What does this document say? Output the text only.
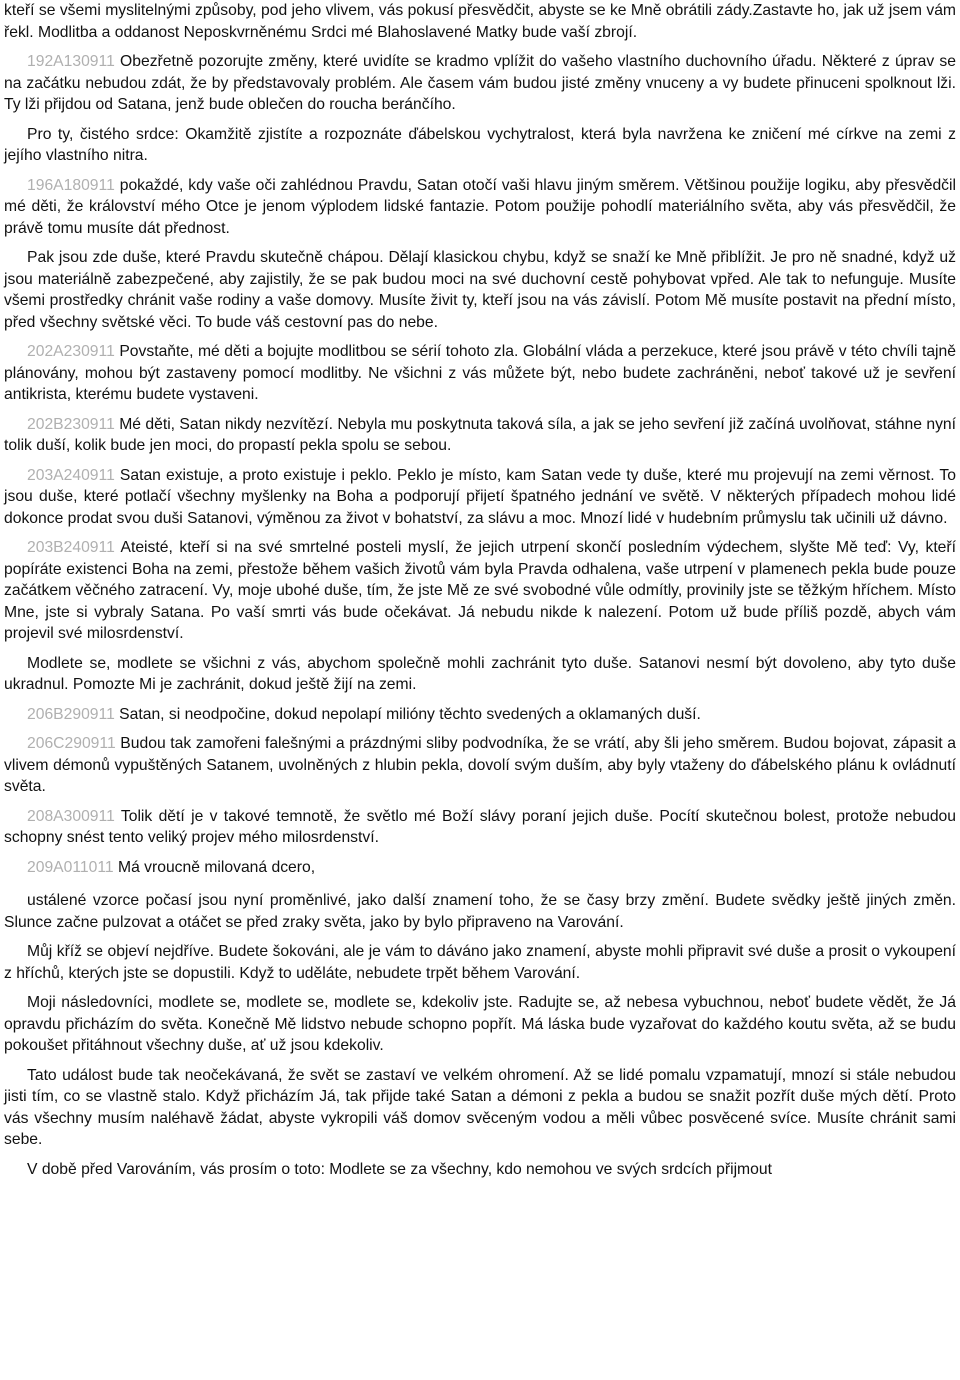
kteří se všemi myslitelnými způsoby, pod jeho vlivem, vás pokusí přesvědčit, abyste se ke Mně obrátili zády.Zastavte ho, jak už jsem vám řekl. Modlitba a oddanost Neposkvrněnému Srdci mé Blahoslavené Matky bude vaší zbrojí.

192A130911 Obezřetně pozorujte změny, které uvidíte se kradmo vplížit do vašeho vlastního duchovního úřadu. Některé z úprav se na začátku nebudou zdát, že by představovaly problém. Ale časem vám budou jisté změny vnuceny a vy budete přinuceni spolknout lži. Ty lži přijdou od Satana, jenž bude oblečen do roucha beránčího.

Pro ty, čistého srdce: Okamžitě zjistíte a rozpoznáte ďábelskou vychytralost, která byla navržena ke zničení mé církve na zemi z jejího vlastního nitra.

196A180911 pokaždé, kdy vaše oči zahlédnou Pravdu, Satan otočí vaši hlavu jiným směrem. Většinou použije logiku, aby přesvědčil mé děti, že království mého Otce je jenom výplodem lidské fantazie. Potom použije pohodlí materiálního světa, aby vás přesvědčil, že právě tomu musíte dát přednost.

Pak jsou zde duše, které Pravdu skutečně chápou. Dělají klasickou chybu, když se snaží ke Mně přiblížit. Je pro ně snadné, když už jsou materiálně zabezpečené, aby zajistily, že se pak budou moci na své duchovní cestě pohybovat vpřed. Ale tak to nefunguje. Musíte všemi prostředky chránit vaše rodiny a vaše domovy. Musíte živit ty, kteří jsou na vás závislí. Potom Mě musíte postavit na přední místo, před všechny světské věci. To bude váš cestovní pas do nebe.

202A230911 Povstaňte, mé děti a bojujte modlitbou se sérií tohoto zla. Globální vláda a perzekuce, které jsou právě v této chvíli tajně plánovány, mohou být zastaveny pomocí modlitby. Ne všichni z vás můžete být, nebo budete zachráněni, neboť takové už je sevření antikrista, kterému budete vystaveni.

202B230911 Mé děti, Satan nikdy nezvítězí. Nebyla mu poskytnuta taková síla, a jak se jeho sevření již začíná uvolňovat, stáhne nyní tolik duší, kolik bude jen moci, do propastí pekla spolu se sebou.

203A240911 Satan existuje, a proto existuje i peklo. Peklo je místo, kam Satan vede ty duše, které mu projevují na zemi věrnost. To jsou duše, které potlačí všechny myšlenky na Boha a podporují přijetí špatného jednání ve světě. V některých případech mohou lidé dokonce prodat svou duši Satanovi, výměnou za život v bohatství, za slávu a moc. Mnozí lidé v hudebním průmyslu tak učinili už dávno.

203B240911 Ateisté, kteří si na své smrtelné posteli myslí, že jejich utrpení skončí posledním výdechem, slyšte Mě teď: Vy, kteří popíráte existenci Boha na zemi, přestože během vašich životů vám byla Pravda odhalena, vaše utrpení v plamenech pekla bude pouze začátkem věčného zatracení. Vy, moje ubohé duše, tím, že jste Mě ze své svobodné vůle odmítly, provinily jste se těžkým hříchem. Místo Mne, jste si vybraly Satana. Po vaší smrti vás bude očekávat. Já nebudu nikde k nalezení. Potom už bude příliš pozdě, abych vám projevil své milosrdenství.

Modlete se, modlete se všichni z vás, abychom společně mohli zachránit tyto duše. Satanovi nesmí být dovoleno, aby tyto duše ukradnul. Pomozte Mi je zachránit, dokud ještě žijí na zemi.

206B290911 Satan, si neodpočine, dokud nepolapí milióny těchto svedených a oklamaných duší.

206C290911 Budou tak zamořeni falešnými a prázdnými sliby podvodníka, že se vrátí, aby šli jeho směrem. Budou bojovat, zápasit a vlivem démonů vypuštěných Satanem, uvolněných z hlubin pekla, dovolí svým duším, aby byly vtaženy do ďábelského plánu k ovládnutí světa.

208A300911 Tolik dětí je v takové temnotě, že světlo mé Boží slávy poraní jejich duše. Pocítí skutečnou bolest, protože nebudou schopny snést tento veliký projev mého milosrdenství.

209A011011 Má vroucně milovaná dcero,

ustálené vzorce počasí jsou nyní proměnlivé, jako další znamení toho, že se časy brzy změní. Budete svědky ještě jiných změn. Slunce začne pulzovat a otáčet se před zraky světa, jako by bylo připraveno na Varování.

Můj kříž se objeví nejdříve. Budete šokováni, ale je vám to dáváno jako znamení, abyste mohli připravit své duše a prosit o vykoupení z hříchů, kterých jste se dopustili. Když to uděláte, nebudete trpět během Varování.

Moji následovníci, modlete se, modlete se, modlete se, kdekoliv jste. Radujte se, až nebesa vybuchnou, neboť budete vědět, že Já opravdu přicházím do světa. Konečně Mě lidstvo nebude schopno popřít. Má láska bude vyzařovat do každého koutu světa, až se budu pokoušet přitáhnout všechny duše, ať už jsou kdekoliv.

Tato událost bude tak neočekávaná, že svět se zastaví ve velkém ohromení. Až se lidé pomalu vzpamatují, mnozí si stále nebudou jisti tím, co se vlastně stalo. Když přicházím Já, tak přijde také Satan a démoni z pekla a budou se snažit pozřít duše mých dětí. Proto vás všechny musím naléhavě žádat, abyste vykropili váš domov svěceným vodou a měli vůbec posvěcené svíce. Musíte chránit sami sebe.

V době před Varováním, vás prosím o toto: Modlete se za všechny, kdo nemohou ve svých srdcích přijmout
